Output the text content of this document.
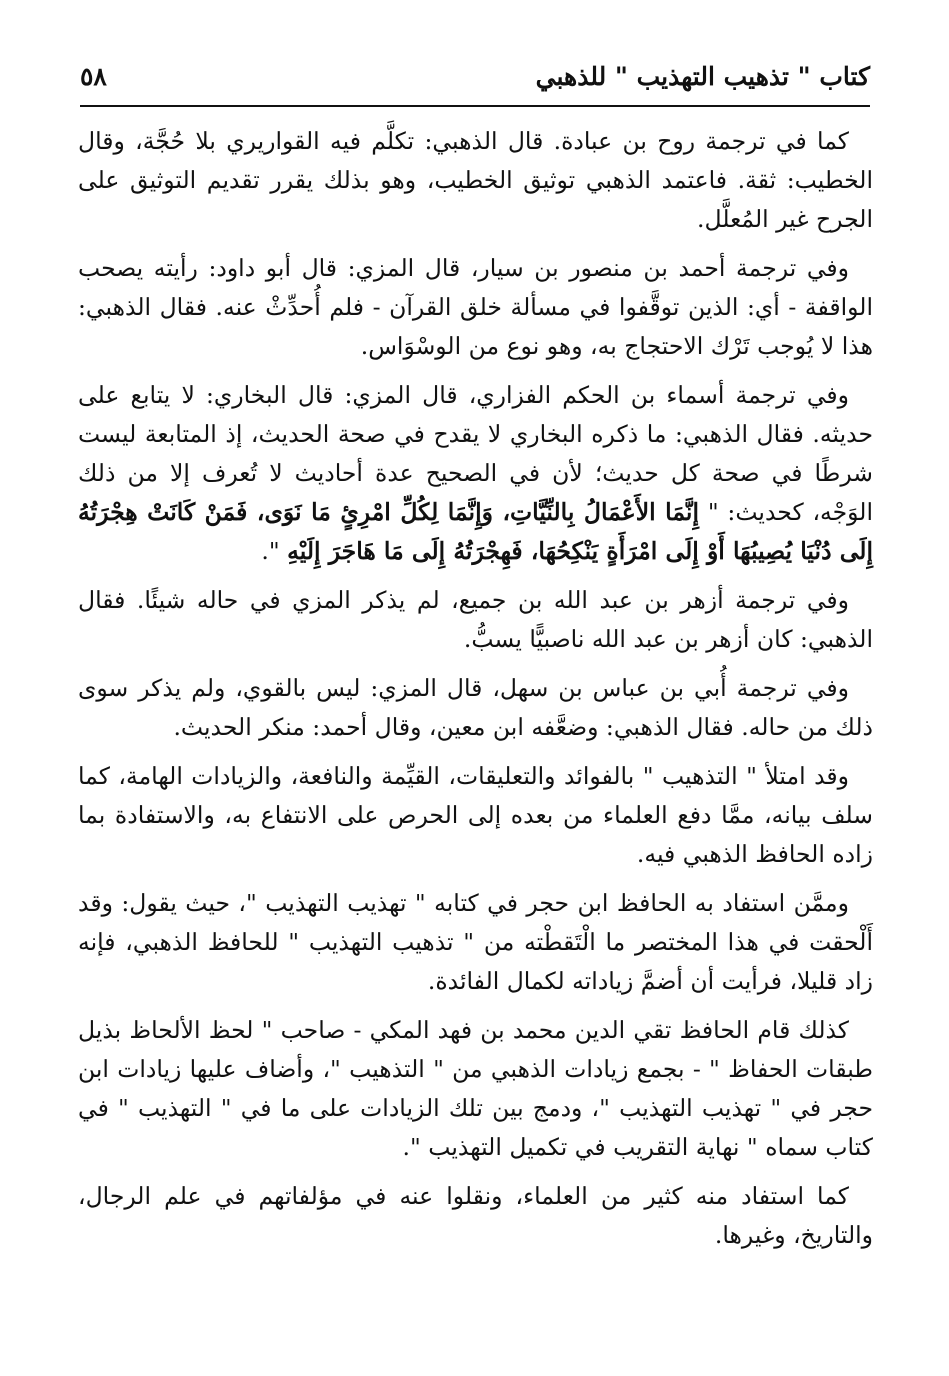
كتاب " تذهيب التهذيب " للذهبي
٥٨

كما في ترجمة روح بن عبادة. قال الذهبي: تكلَّم فيه القواريري بلا حُجَّة، وقال الخطيب: ثقة. فاعتمد الذهبي توثيق الخطيب، وهو بذلك يقرر تقديم التوثيق على الجرح غير المُعلَّل.

وفي ترجمة أحمد بن منصور بن سيار، قال المزي: قال أبو داود: رأيته يصحب الواقفة - أي: الذين توقَّفوا في مسألة خلق القرآن - فلم أُحدِّثْ عنه. فقال الذهبي: هذا لا يُوجب تَرْك الاحتجاج به، وهو نوع من الوسْوَاس.

وفي ترجمة أسماء بن الحكم الفزاري، قال المزي: قال البخاري: لا يتابع على حديثه. فقال الذهبي: ما ذكره البخاري لا يقدح في صحة الحديث، إذ المتابعة ليست شرطًا في صحة كل حديث؛ لأن في الصحيح عدة أحاديث لا تُعرف إلا من ذلك الوَجْه، كحديث: " إِنَّمَا الأَعْمَالُ بِالنِّيَّاتِ، وَإِنَّمَا لِكُلِّ امْرِئٍ مَا نَوَى، فَمَنْ كَانَتْ هِجْرَتُهُ إِلَى دُنْيَا يُصِيبُهَا أَوْ إِلَى امْرَأَةٍ يَنْكِحُهَا، فَهِجْرَتُهُ إِلَى مَا هَاجَرَ إِلَيْهِ ".

وفي ترجمة أزهر بن عبد الله بن جميع، لم يذكر المزي في حاله شيئًا. فقال الذهبي: كان أزهر بن عبد الله ناصبيًّا يسبُّ.

وفي ترجمة أُبي بن عباس بن سهل، قال المزي: ليس بالقوي، ولم يذكر سوى ذلك من حاله. فقال الذهبي: وضعَّفه ابن معين، وقال أحمد: منكر الحديث.

وقد امتلأ " التذهيب " بالفوائد والتعليقات، القيِّمة والنافعة، والزيادات الهامة، كما سلف بيانه، ممَّا دفع العلماء من بعده إلى الحرص على الانتفاع به، والاستفادة بما زاده الحافظ الذهبي فيه.

وممَّن استفاد به الحافظ ابن حجر في كتابه " تهذيب التهذيب "، حيث يقول: وقد أَلْحقت في هذا المختصر ما الْتَقطْته من " تذهيب التهذيب " للحافظ الذهبي، فإنه زاد قليلا، فرأيت أن أضمَّ زياداته لكمال الفائدة.

كذلك قام الحافظ تقي الدين محمد بن فهد المكي - صاحب " لحظ الألحاظ بذيل طبقات الحفاظ " - بجمع زيادات الذهبي من " التذهيب "، وأضاف عليها زيادات ابن حجر في " تهذيب التهذيب "، ودمج بين تلك الزيادات على ما في " التهذيب " في كتاب سماه " نهاية التقريب في تكميل التهذيب ".

كما استفاد منه كثير من العلماء، ونقلوا عنه في مؤلفاتهم في علم الرجال، والتاريخ، وغيرها.
